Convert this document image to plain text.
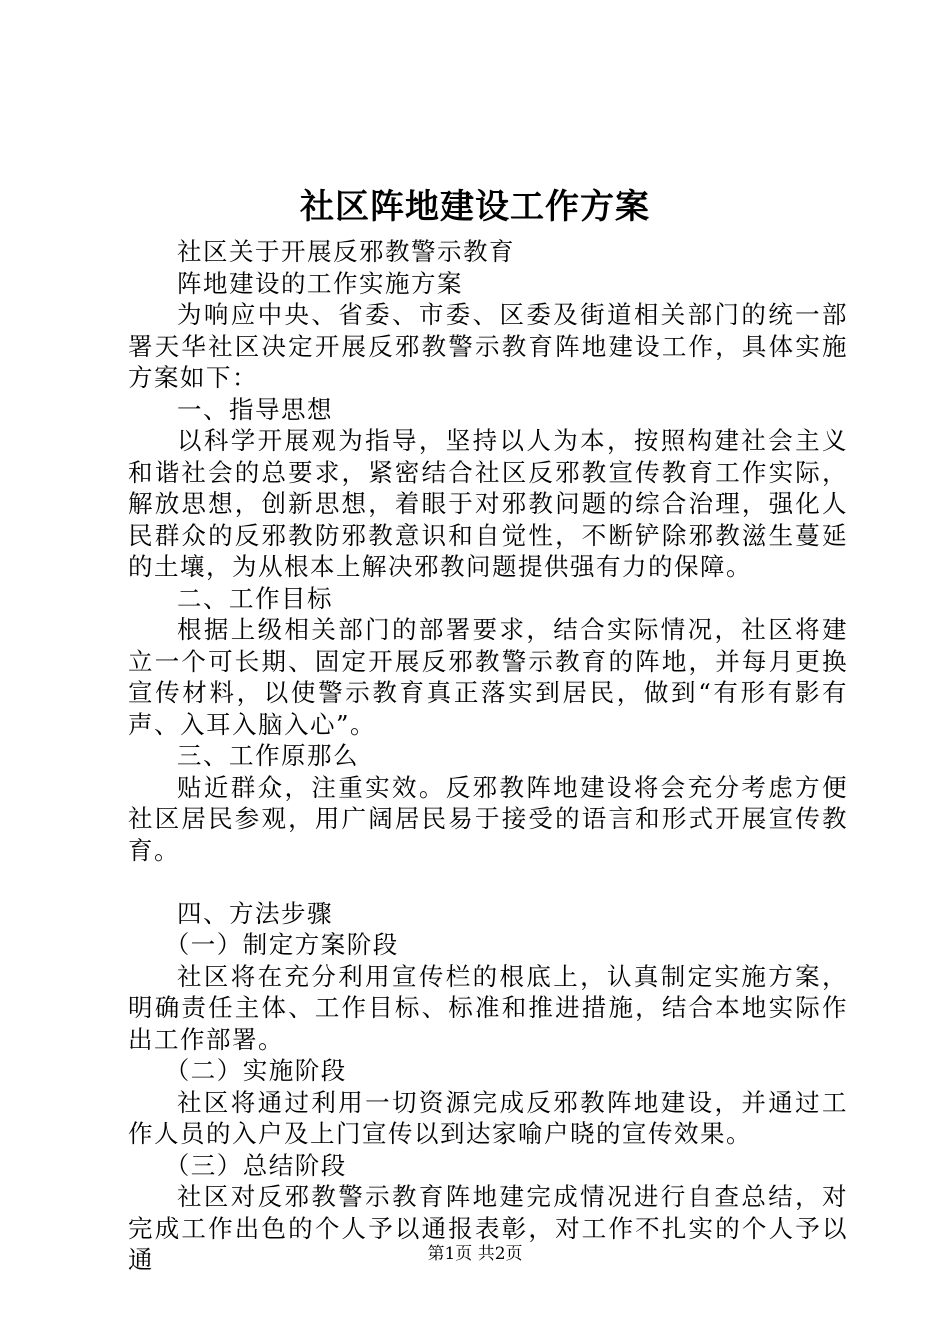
社区阵地建设工作方案

社区关于开展反邪教警示教育

阵地建设的工作实施方案

为响应中央、省委、市委、区委及街道相关部门的统一部署天华社区决定开展反邪教警示教育阵地建设工作，具体实施方案如下：

一、指导思想

以科学开展观为指导，坚持以人为本，按照构建社会主义和谐社会的总要求，紧密结合社区反邪教宣传教育工作实际，解放思想，创新思想，着眼于对邪教问题的综合治理，强化人民群众的反邪教防邪教意识和自觉性，不断铲除邪教滋生蔓延的土壤，为从根本上解决邪教问题提供强有力的保障。

二、工作目标

根据上级相关部门的部署要求，结合实际情况，社区将建立一个可长期、固定开展反邪教警示教育的阵地，并每月更换宣传材料，以使警示教育真正落实到居民，做到“有形有影有声、入耳入脑入心”。

三、工作原那么

贴近群众，注重实效。反邪教阵地建设将会充分考虑方便社区居民参观，用广阔居民易于接受的语言和形式开展宣传教育。

四、方法步骤

（一）制定方案阶段

社区将在充分利用宣传栏的根底上，认真制定实施方案，明确责任主体、工作目标、标准和推进措施，结合本地实际作出工作部署。

（二）实施阶段

社区将通过利用一切资源完成反邪教阵地建设，并通过工作人员的入户及上门宣传以到达家喻户晓的宣传效果。

（三）总结阶段

社区对反邪教警示教育阵地建完成情况进行自查总结，对完成工作出色的个人予以通报表彰，对工作不扎实的个人予以通	第1页 共2页
